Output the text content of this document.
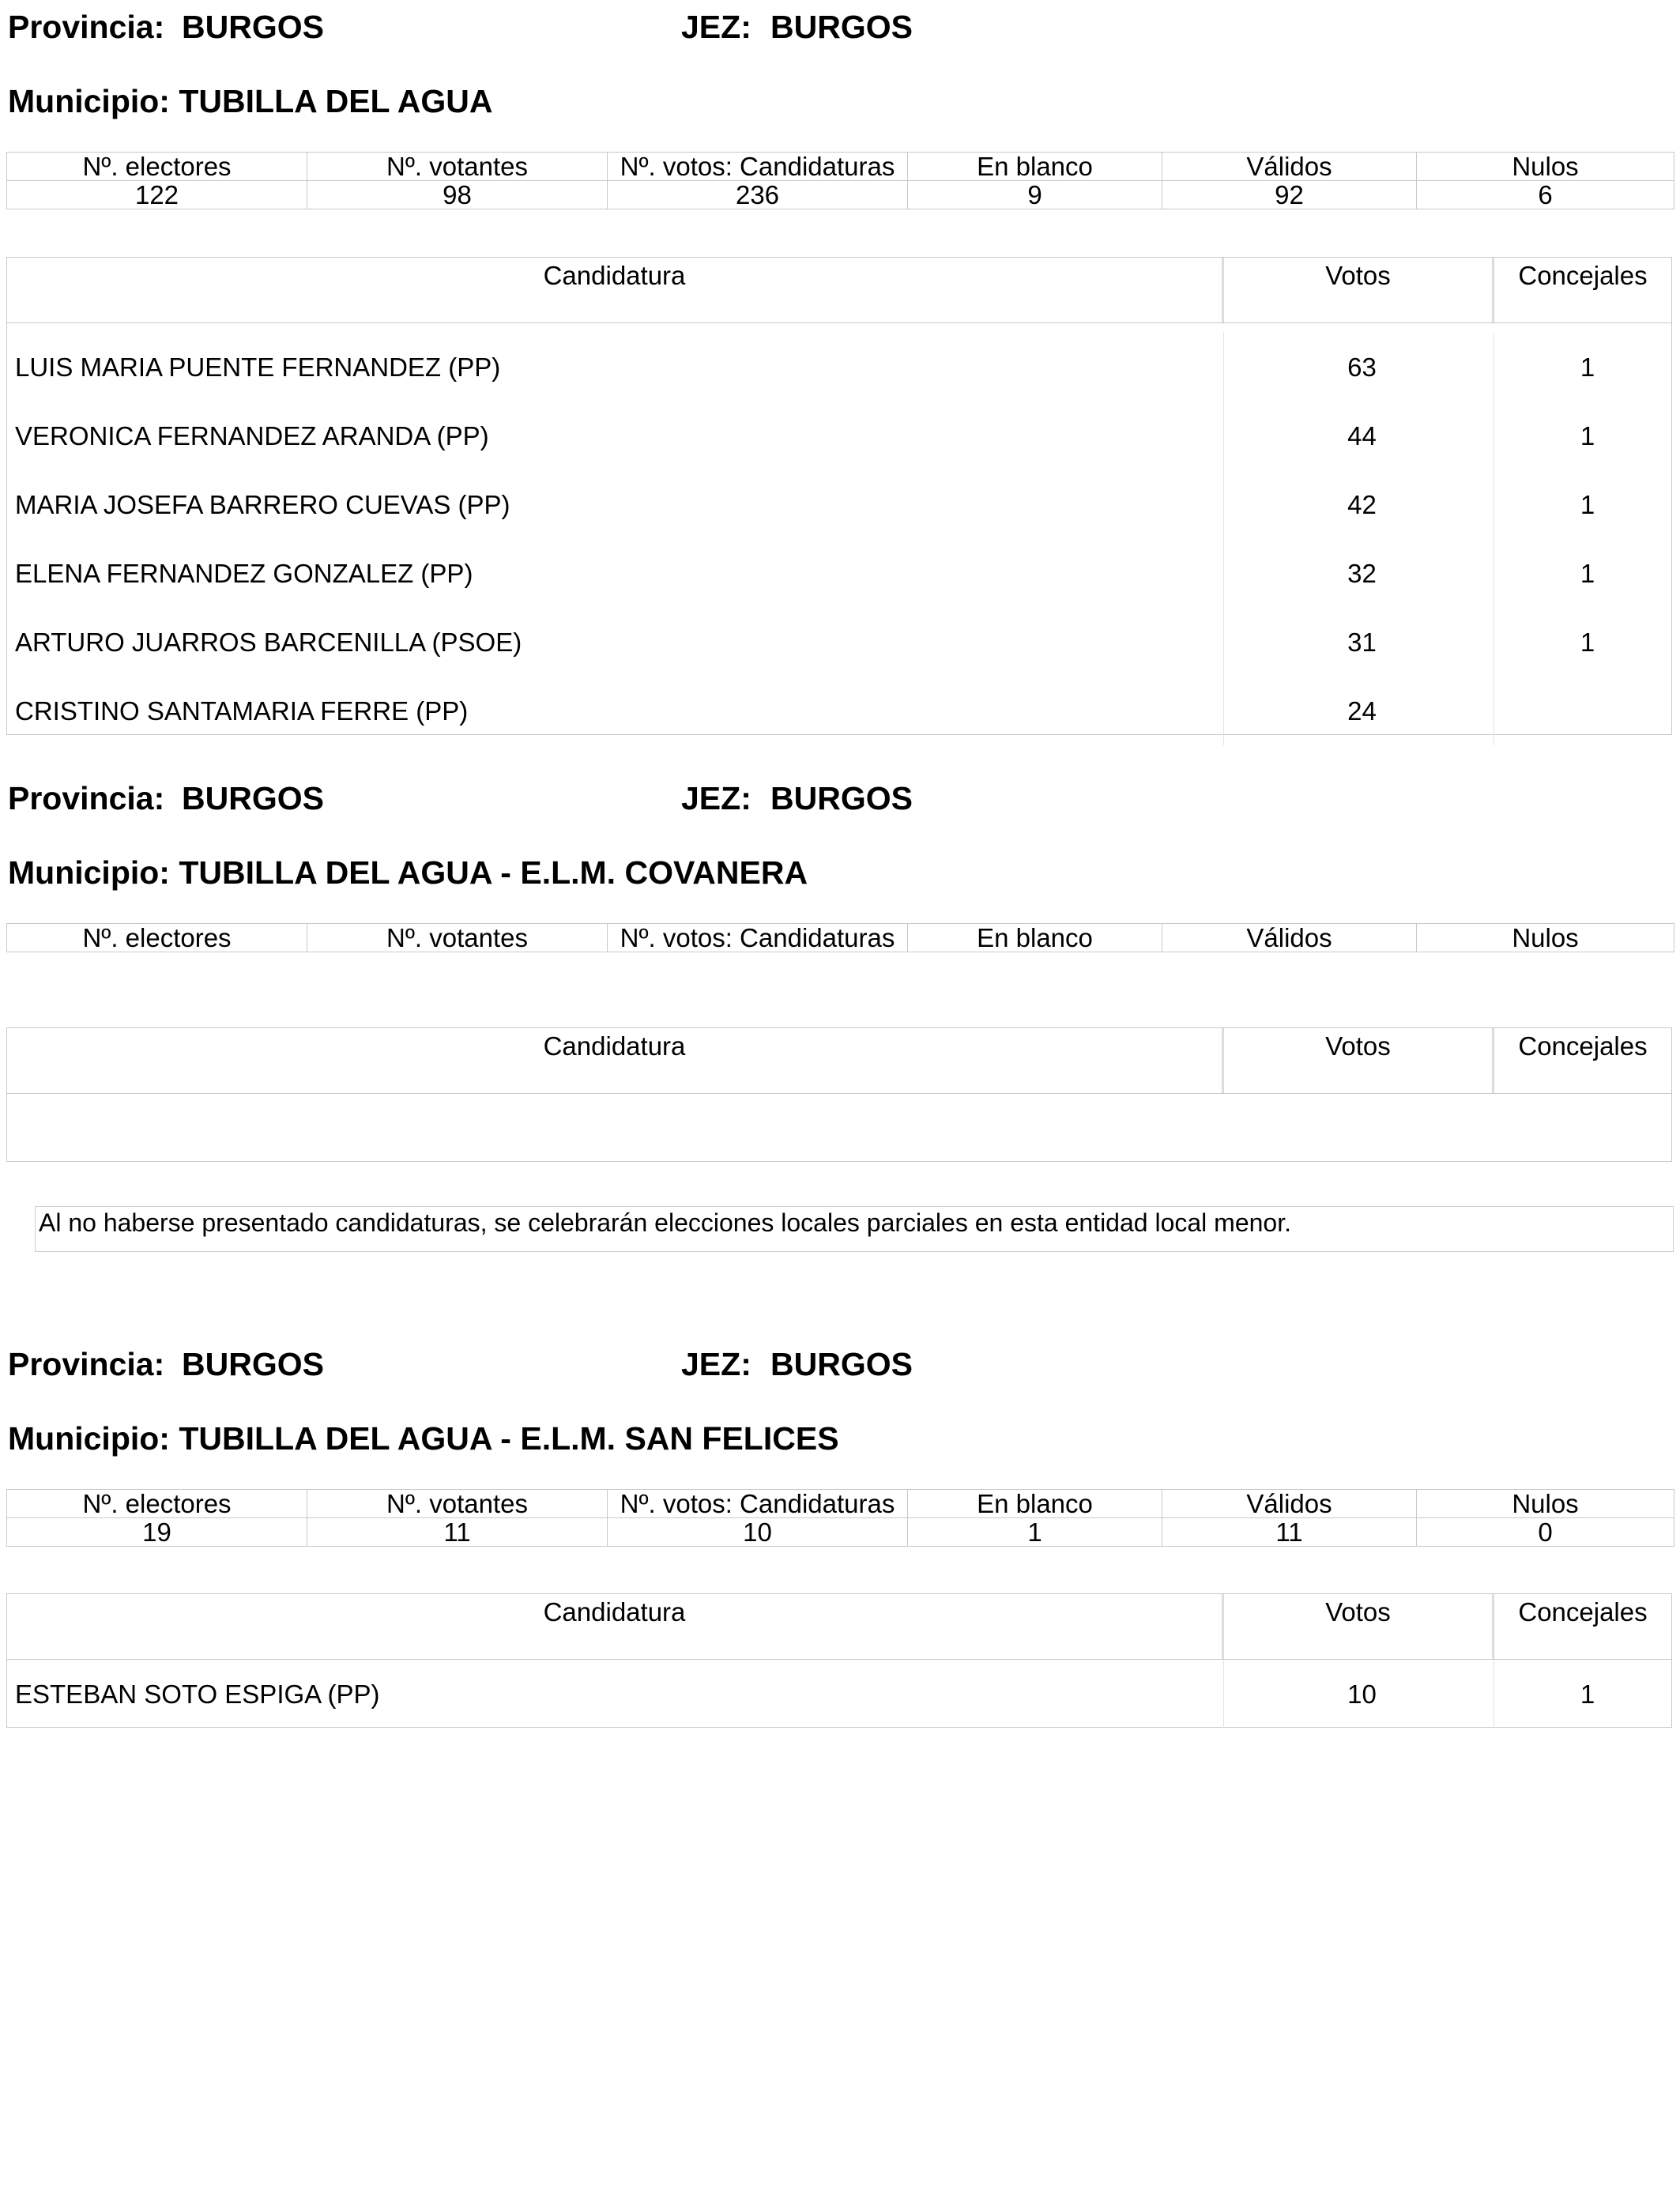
Provincia: BURGOS	JEZ: BURGOS
Municipio: TUBILLA DEL AGUA
Nº. electores	Nº. votantes	Nº. votos: Candidaturas	En blanco	Válidos	Nulos
122	98	236	9	92	6
Candidatura	Votos	Concejales
LUIS MARIA PUENTE FERNANDEZ (PP)	63	1
VERONICA FERNANDEZ ARANDA (PP)	44	1
MARIA JOSEFA BARRERO CUEVAS (PP)	42	1
ELENA FERNANDEZ GONZALEZ (PP)	32	1
ARTURO JUARROS BARCENILLA (PSOE)	31	1
CRISTINO SANTAMARIA FERRE (PP)	24
Provincia: BURGOS	JEZ: BURGOS
Municipio: TUBILLA DEL AGUA - E.L.M. COVANERA
Nº. electores	Nº. votantes	Nº. votos: Candidaturas	En blanco	Válidos	Nulos
Candidatura	Votos	Concejales
Al no haberse presentado candidaturas, se celebrarán elecciones locales parciales en esta entidad local menor.
Provincia: BURGOS	JEZ: BURGOS
Municipio: TUBILLA DEL AGUA - E.L.M. SAN FELICES
Nº. electores	Nº. votantes	Nº. votos: Candidaturas	En blanco	Válidos	Nulos
19	11	10	1	11	0
Candidatura	Votos	Concejales
ESTEBAN SOTO ESPIGA (PP)	10	1
